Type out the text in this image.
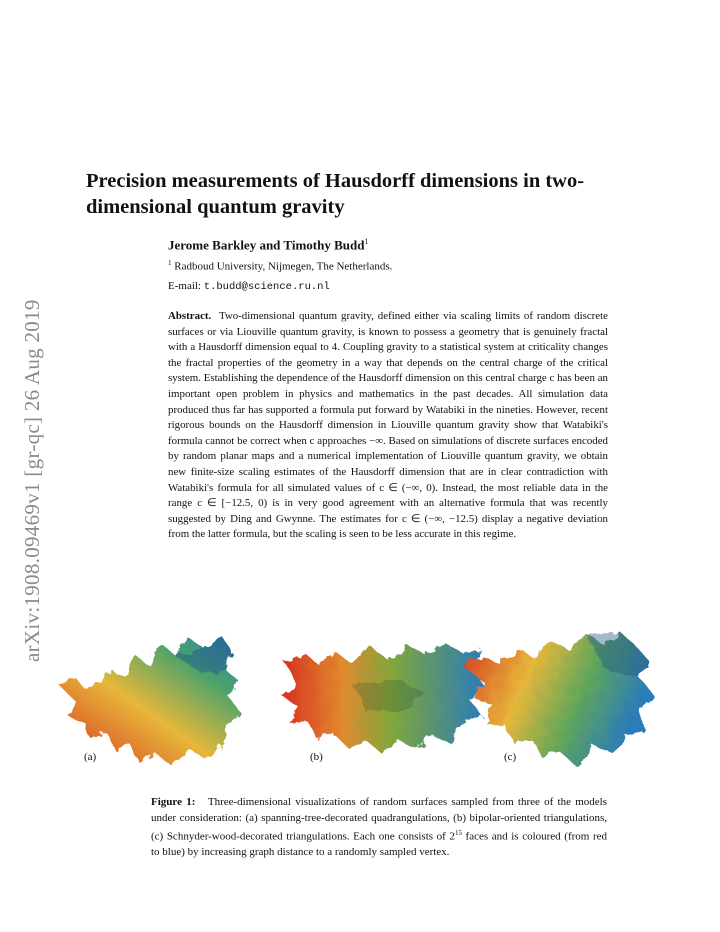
arXiv:1908.09469v1 [gr-qc] 26 Aug 2019
Precision measurements of Hausdorff dimensions in two-dimensional quantum gravity
Jerome Barkley and Timothy Budd$^1$
$^1$ Radboud University, Nijmegen, The Netherlands.
E-mail: t.budd@science.ru.nl

Abstract. Two-dimensional quantum gravity, defined either via scaling limits of random discrete surfaces or via Liouville quantum gravity, is known to possess a geometry that is genuinely fractal with a Hausdorff dimension equal to 4. Coupling gravity to a statistical system at criticality changes the fractal properties of the geometry in a way that depends on the central charge of the critical system. Establishing the dependence of the Hausdorff dimension on this central charge c has been an important open problem in physics and mathematics in the past decades. All simulation data produced thus far has supported a formula put forward by Watabiki in the nineties. However, recent rigorous bounds on the Hausdorff dimension in Liouville quantum gravity show that Watabiki's formula cannot be correct when c approaches −∞. Based on simulations of discrete surfaces encoded by random planar maps and a numerical implementation of Liouville quantum gravity, we obtain new finite-size scaling estimates of the Hausdorff dimension that are in clear contradiction with Watabiki's formula for all simulated values of c ∈ (−∞, 0). Instead, the most reliable data in the range c ∈ [−12.5, 0) is in very good agreement with an alternative formula that was recently suggested by Ding and Gwynne. The estimates for c ∈ (−∞, −12.5) display a negative deviation from the latter formula, but the scaling is seen to be less accurate in this regime.

(a)	(b)	(c)

Figure 1: Three-dimensional visualizations of random surfaces sampled from three of the models under consideration: (a) spanning-tree-decorated quadrangulations, (b) bipolar-oriented triangulations, (c) Schnyder-wood-decorated triangulations. Each one consists of $2^{15}$ faces and is coloured (from red to blue) by increasing graph distance to a randomly sampled vertex.
